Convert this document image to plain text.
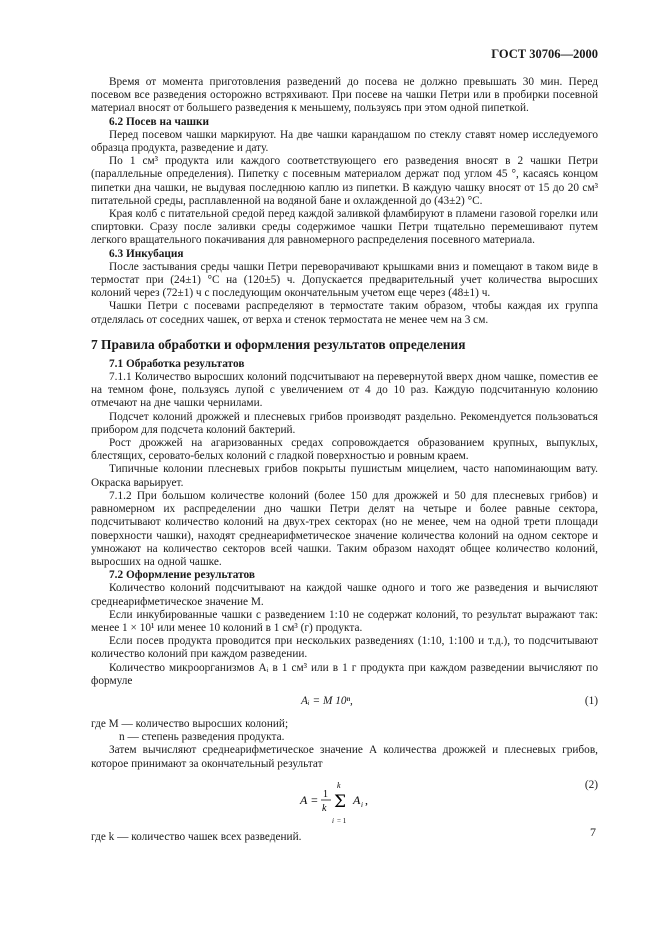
ГОСТ 30706—2000

Время от момента приготовления разведений до посева не должно превышать 30 мин. Перед посевом все разведения осторожно встряхивают. При посеве на чашки Петри или в пробирки посевной материал вносят от большего разведения к меньшему, пользуясь при этом одной пипеткой.

6.2 Посев на чашки

Перед посевом чашки маркируют. На две чашки карандашом по стеклу ставят номер исследуемого образца продукта, разведение и дату.

По 1 см³ продукта или каждого соответствующего его разведения вносят в 2 чашки Петри (параллельные определения). Пипетку с посевным материалом держат под углом 45 °, касаясь концом пипетки дна чашки, не выдувая последнюю каплю из пипетки. В каждую чашку вносят от 15 до 20 см³ питательной среды, расплавленной на водяной бане и охлажденной до (43±2) °С.

Края колб с питательной средой перед каждой заливкой фламбируют в пламени газовой горелки или спиртовки. Сразу после заливки среды содержимое чашки Петри тщательно перемешивают путем легкого вращательного покачивания для равномерного распределения посевного материала.

6.3 Инкубация

После застывания среды чашки Петри переворачивают крышками вниз и помещают в таком виде в термостат при (24±1) °С на (120±5) ч. Допускается предварительный учет количества выросших колоний через (72±1) ч с последующим окончательным учетом еще через (48±1) ч.

Чашки Петри с посевами распределяют в термостате таким образом, чтобы каждая их группа отделялась от соседних чашек, от верха и стенок термостата не менее чем на 3 см.

7 Правила обработки и оформления результатов определения

7.1 Обработка результатов

7.1.1 Количество выросших колоний подсчитывают на перевернутой вверх дном чашке, поместив ее на темном фоне, пользуясь лупой с увеличением от 4 до 10 раз. Каждую подсчитанную колонию отмечают на дне чашки чернилами.

Подсчет колоний дрожжей и плесневых грибов производят раздельно. Рекомендуется пользоваться прибором для подсчета колоний бактерий.

Рост дрожжей на агаризованных средах сопровождается образованием крупных, выпуклых, блестящих, серовато-белых колоний с гладкой поверхностью и ровным краем.

Типичные колонии плесневых грибов покрыты пушистым мицелием, часто напоминающим вату. Окраска варьирует.

7.1.2 При большом количестве колоний (более 150 для дрожжей и 50 для плесневых грибов) и равномерном их распределении дно чашки Петри делят на четыре и более равные сектора, подсчитывают количество колоний на двух-трех секторах (но не менее, чем на одной трети площади поверхности чашки), находят среднеарифметическое значение количества колоний на одном секторе и умножают на количество секторов всей чашки. Таким образом находят общее количество колоний, выросших на одной чашке.

7.2 Оформление результатов

Количество колоний подсчитывают на каждой чашке одного и того же разведения и вычисляют среднеарифметическое значение М.

Если инкубированные чашки с разведением 1:10 не содержат колоний, то результат выражают так: менее 1 × 10¹ или менее 10 колоний в 1 см³ (г) продукта.

Если посев продукта проводится при нескольких разведениях (1:10, 1:100 и т.д.), то подсчитывают количество колоний при каждом разведении.

Количество микроорганизмов Aᵢ в 1 см³ или в 1 г продукта при каждом разведении вычисляют по формуле

Aᵢ = M 10ⁿ,	(1)

где М — количество выросших колоний;

n — степень разведения продукта.

Затем вычисляют среднеарифметическое значение А количества дрожжей и плесневых грибов, которое принимают за окончательный результат

A = 1
k
k
Σ
i = 1
A i ,
(2)

где k — количество чашек всех разведений.	7
